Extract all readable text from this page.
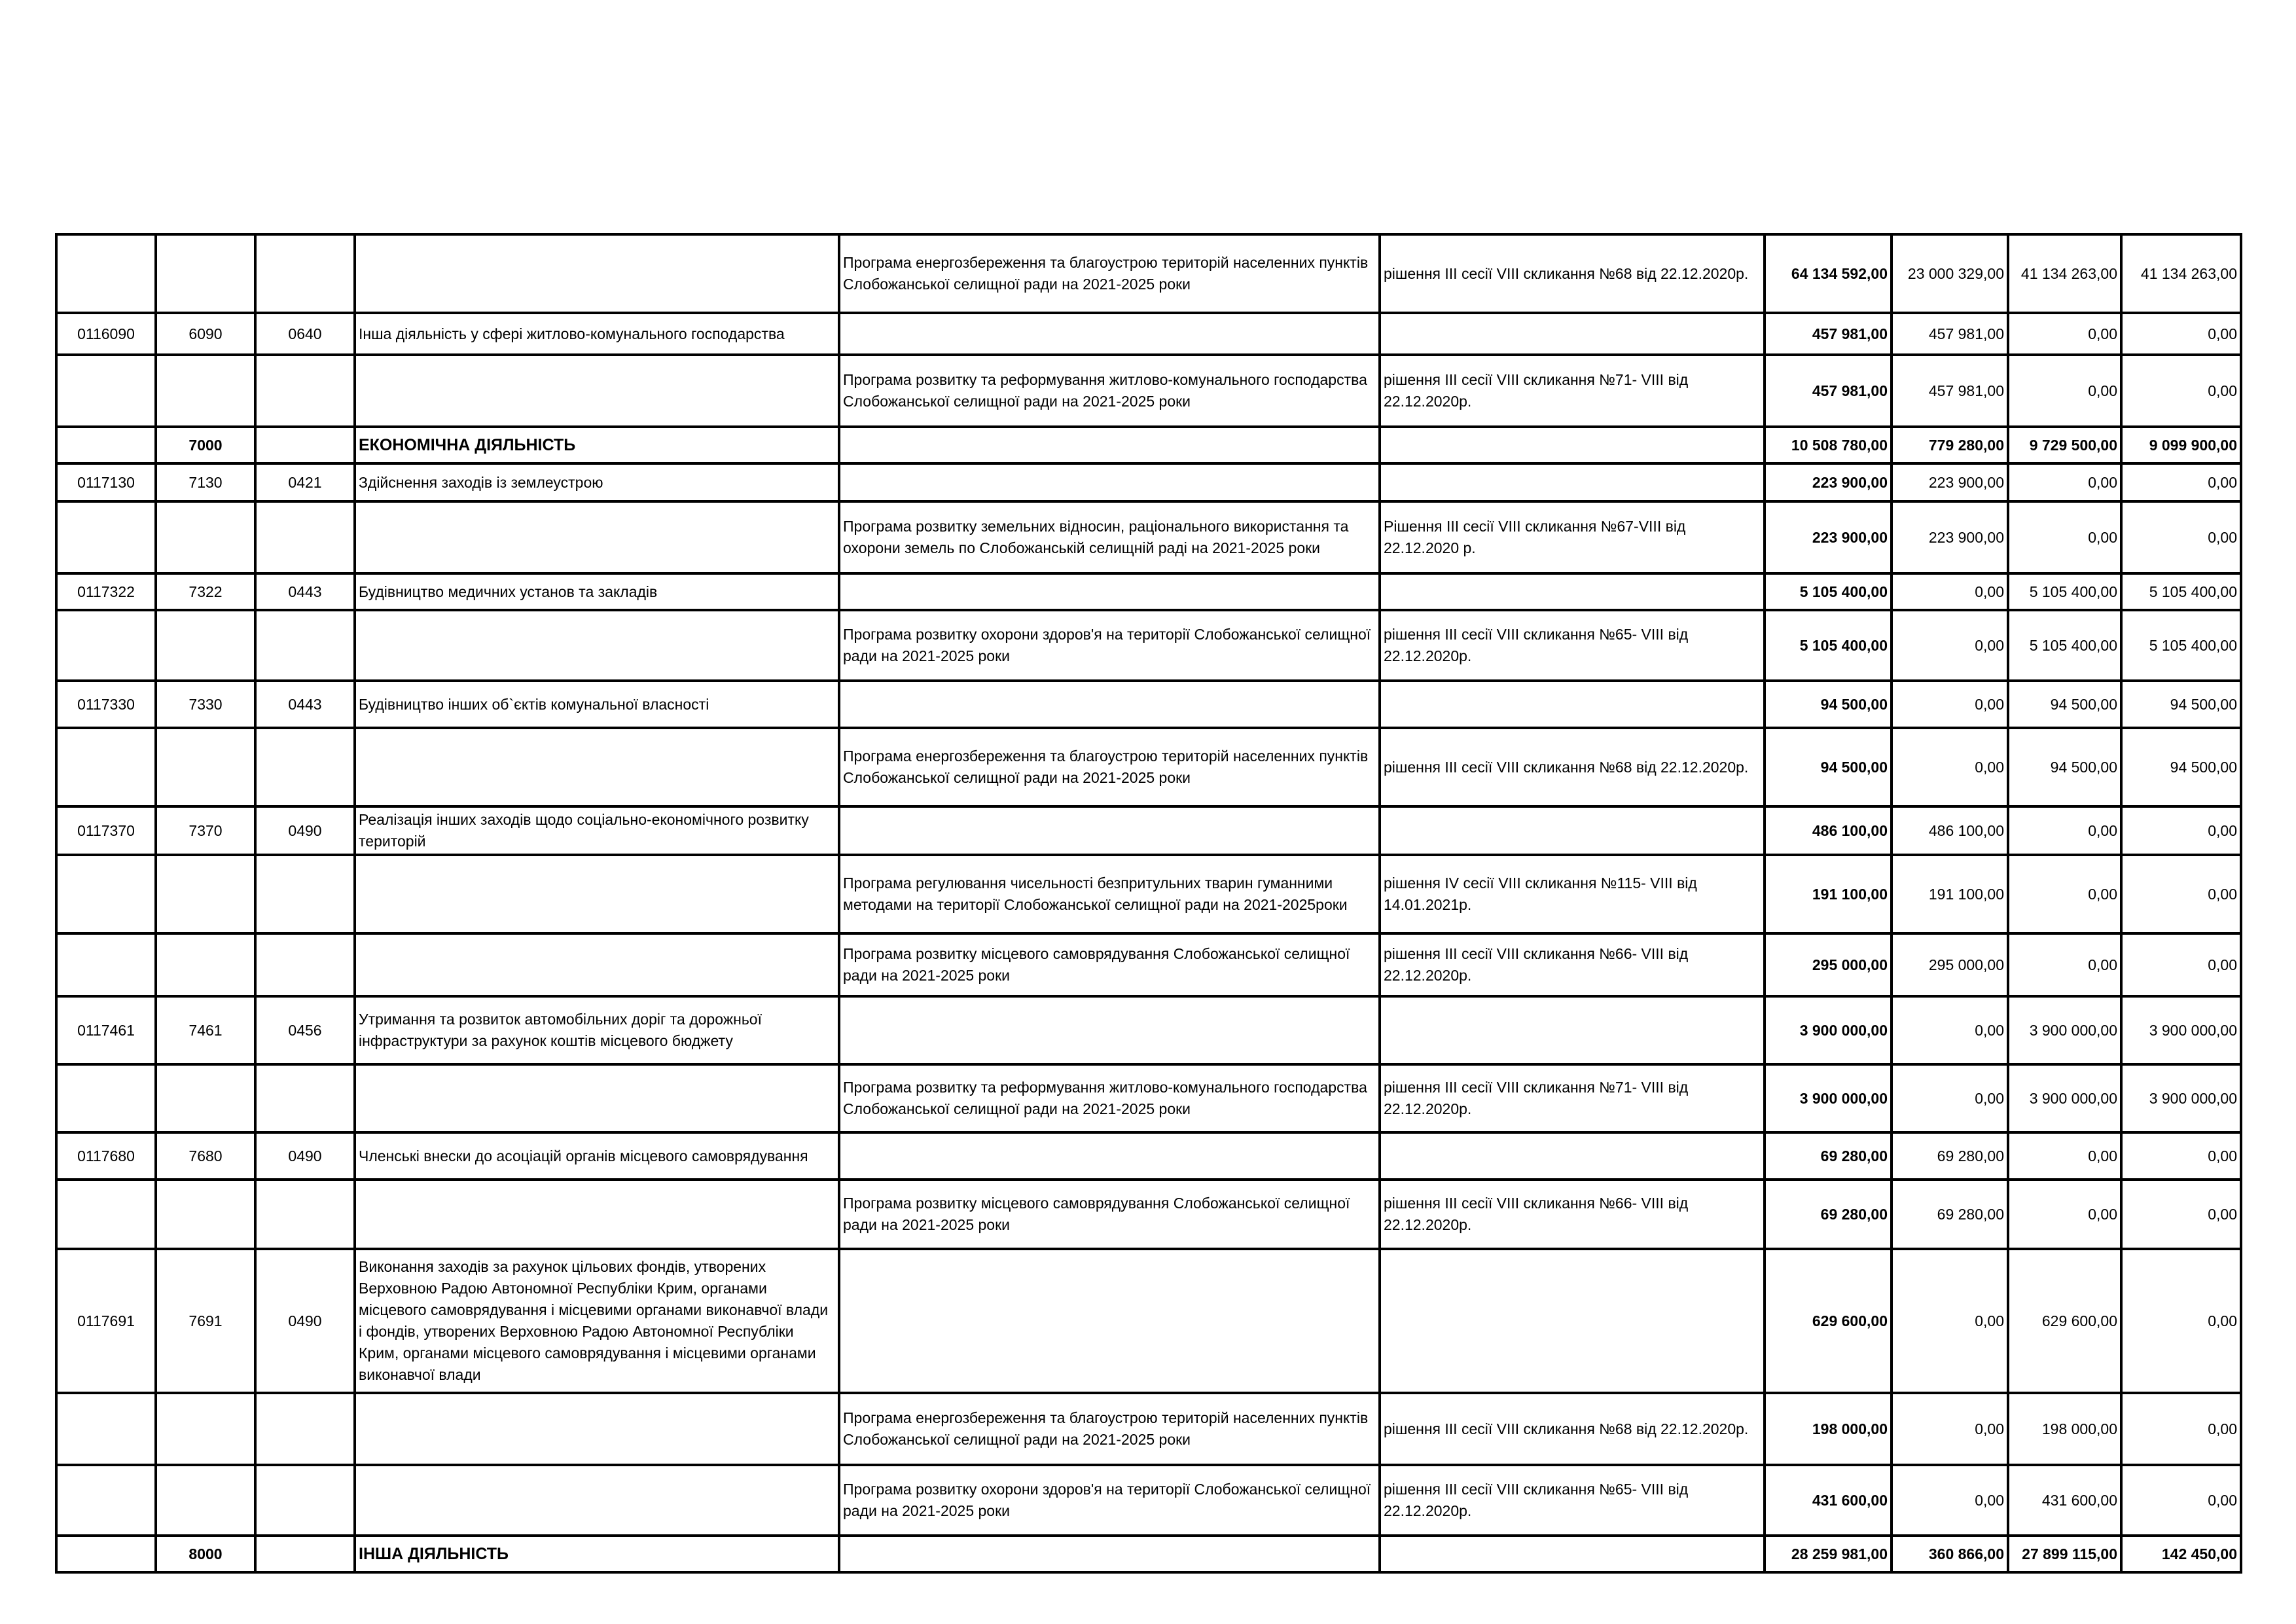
				Програма енергозбереження та благоустрою територій населенних пунктів Слобожанської селищної ради на 2021-2025 роки	рішення ІІІ сесії VIIІ скликання №68 від 22.12.2020р.	64 134 592,00	23 000 329,00	41 134 263,00	41 134 263,00
0116090	6090	0640	Інша діяльність у сфері житлово-комунального господарства			457 981,00	457 981,00	0,00	0,00
				Програма розвитку та реформування житлово-комунального господарства Слобожанської селищної ради на 2021-2025 роки	рішення ІІІ сесії VIIІ скликання №71- VIII від 22.12.2020р.	457 981,00	457 981,00	0,00	0,00
	7000		ЕКОНОМІЧНА ДІЯЛЬНІСТЬ			10 508 780,00	779 280,00	9 729 500,00	9 099 900,00
0117130	7130	0421	Здійснення заходів із землеустрою			223 900,00	223 900,00	0,00	0,00
				Програма розвитку земельних відносин, раціонального використання та охорони земель по Слобожанській селищній раді на 2021-2025 роки	Рішення ІІІ сесії VIIІ скликання №67-VIII від 22.12.2020 р.	223 900,00	223 900,00	0,00	0,00
0117322	7322	0443	Будівництво медичних установ та закладів			5 105 400,00	0,00	5 105 400,00	5 105 400,00
				Програма розвитку охорони здоров'я на території Слобожанської селищної ради на 2021-2025 роки	рішення ІІІ сесії VIIІ скликання №65- VIII від 22.12.2020р.	5 105 400,00	0,00	5 105 400,00	5 105 400,00
0117330	7330	0443	Будівництво інших об`єктів комунальної власності			94 500,00	0,00	94 500,00	94 500,00
				Програма енергозбереження та благоустрою територій населенних пунктів Слобожанської селищної ради на 2021-2025 роки	рішення ІІІ сесії VIIІ скликання №68 від 22.12.2020р.	94 500,00	0,00	94 500,00	94 500,00
0117370	7370	0490	Реалізація інших заходів щодо соціально-економічного розвитку територій			486 100,00	486 100,00	0,00	0,00
				Програма регулювання чисельності безпритульних тварин гуманними методами на території Слобожанської селищної ради на 2021-2025роки	рішення ІV сесії VIIІ скликання №115- VIII від 14.01.2021р.	191 100,00	191 100,00	0,00	0,00
				Програма розвитку місцевого самоврядування Слобожанської селищної ради на 2021-2025 роки	рішення ІІІ сесії VIIІ скликання №66- VIII від 22.12.2020р.	295 000,00	295 000,00	0,00	0,00
0117461	7461	0456	Утримання та розвиток автомобільних доріг та дорожньої інфраструктури за рахунок коштів місцевого бюджету			3 900 000,00	0,00	3 900 000,00	3 900 000,00
				Програма розвитку та реформування житлово-комунального господарства Слобожанської селищної ради на 2021-2025 роки	рішення ІІІ сесії VIIІ скликання №71- VIII від 22.12.2020р.	3 900 000,00	0,00	3 900 000,00	3 900 000,00
0117680	7680	0490	Членські внески до асоціацій органів місцевого самоврядування			69 280,00	69 280,00	0,00	0,00
				Програма розвитку місцевого самоврядування Слобожанської селищної ради на 2021-2025 роки	рішення ІІІ сесії VIIІ скликання №66- VIII від 22.12.2020р.	69 280,00	69 280,00	0,00	0,00
0117691	7691	0490	Виконання заходів за рахунок цільових фондів, утворених Верховною Радою Автономної Республіки Крим, органами місцевого самоврядування і місцевими органами виконавчої влади і фондів, утворених Верховною Радою Автономної Республіки Крим, органами місцевого самоврядування і місцевими органами виконавчої влади			629 600,00	0,00	629 600,00	0,00
				Програма енергозбереження та благоустрою територій населенних пунктів Слобожанської селищної ради на 2021-2025 роки	рішення ІІІ сесії VIIІ скликання №68 від 22.12.2020р.	198 000,00	0,00	198 000,00	0,00
				Програма розвитку охорони здоров'я на території Слобожанської селищної ради на 2021-2025 роки	рішення ІІІ сесії VIIІ скликання №65- VIII від 22.12.2020р.	431 600,00	0,00	431 600,00	0,00
	8000		ІНША ДІЯЛЬНІСТЬ			28 259 981,00	360 866,00	27 899 115,00	142 450,00
